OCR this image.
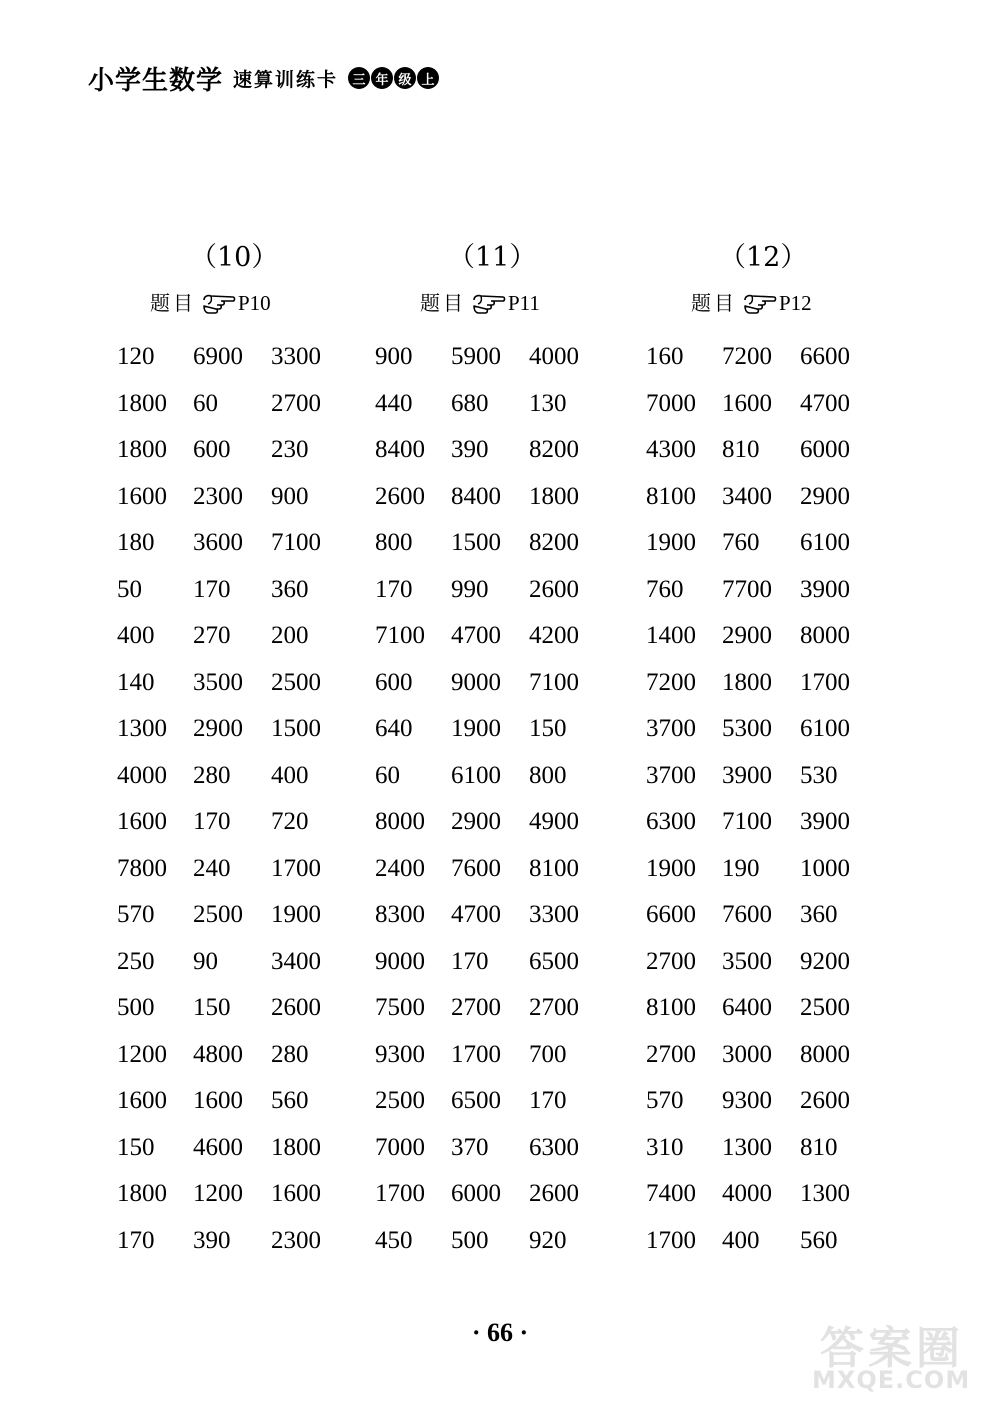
小学生数学 速算训练卡	三 年 级 上
（10）
题目 P10
120 6900 3300
1800 60 2700
1800 600 230
1600 2300 900
180 3600 7100
50 170 360
400 270 200
140 3500 2500
1300 2900 1500
4000 280 400
1600 170 720
7800 240 1700
570 2500 1900
250 90 3400
500 150 2600
1200 4800 280
1600 1600 560
150 4600 1800
1800 1200 1600
170 390 2300
（11）
题目 P11
900 5900 4000
440 680 130
8400 390 8200
2600 8400 1800
800 1500 8200
170 990 2600
7100 4700 4200
600 9000 7100
640 1900 150
60 6100 800
8000 2900 4900
2400 7600 8100
8300 4700 3300
9000 170 6500
7500 2700 2700
9300 1700 700
2500 6500 170
7000 370 6300
1700 6000 2600
450 500 920
（12）
题目 P12
160 7200 6600
7000 1600 4700
4300 810 6000
8100 3400 2900
1900 760 6100
760 7700 3900
1400 2900 8000
7200 1800 1700
3700 5300 6100
3700 3900 530
6300 7100 3900
1900 190 1000
6600 7600 360
2700 3500 9200
8100 6400 2500
2700 3000 8000
570 9300 2600
310 1300 810
7400 4000 1300
1700 400 560
· 66 ·	答案圈
MXQE.COM
